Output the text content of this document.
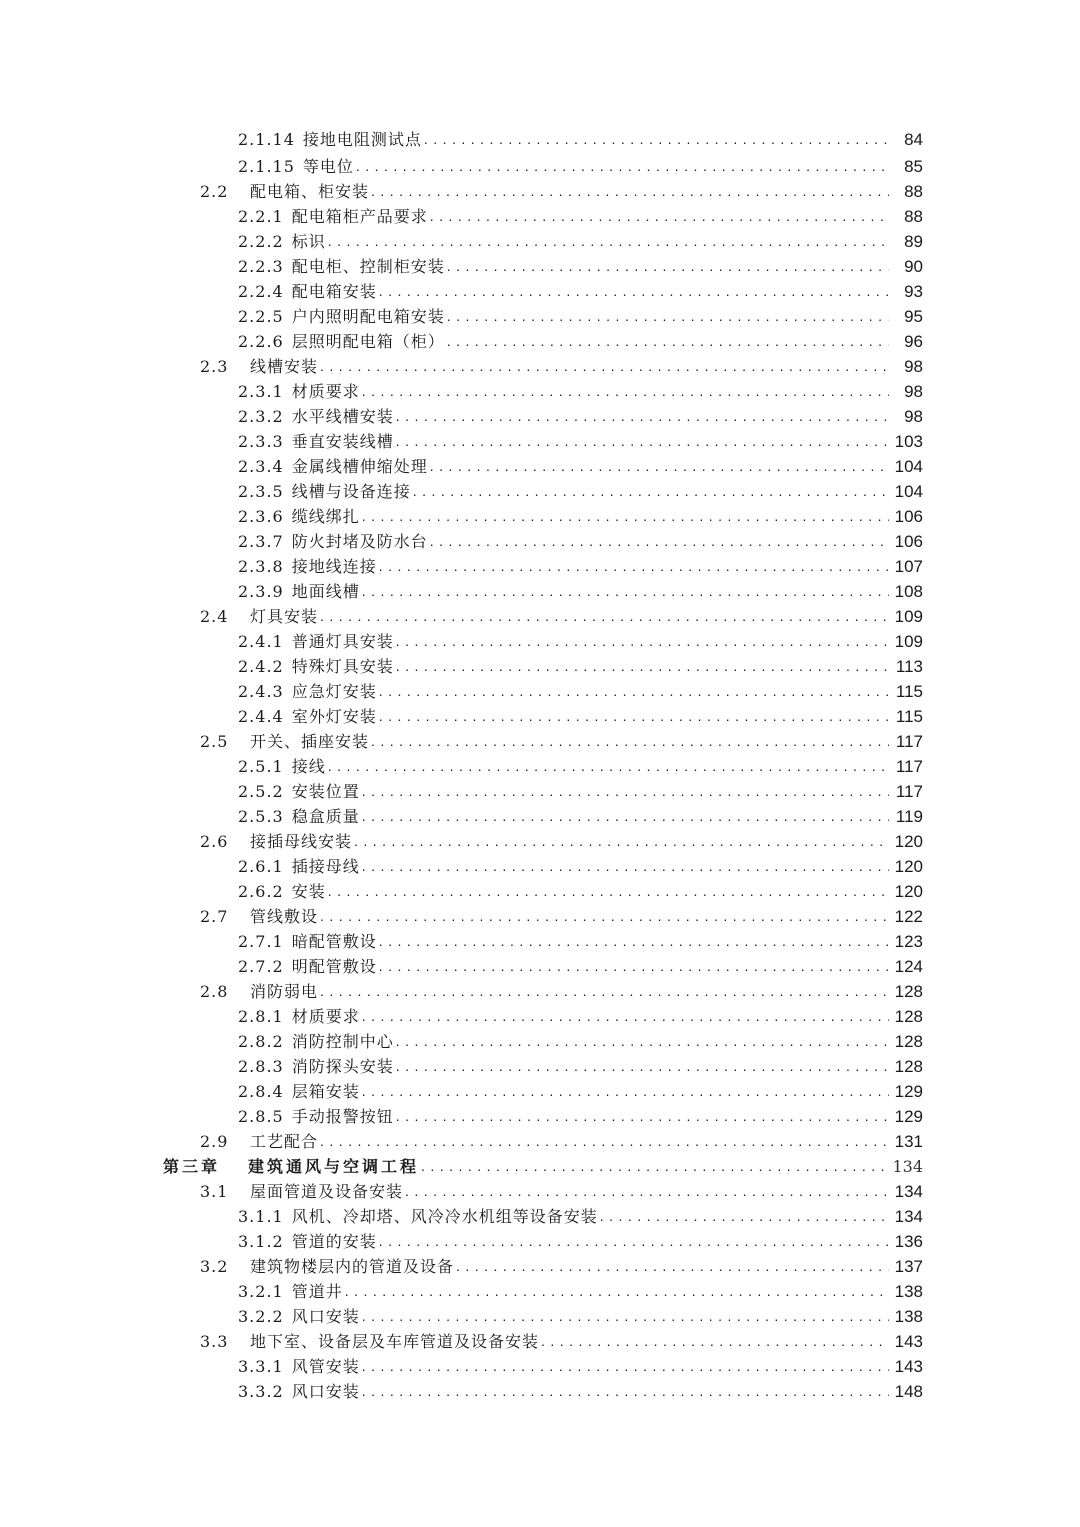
2.1.14 接地电阻测试点 . . .	84
2.1.15 等电位 . . .	85
2.2	配电箱、柜安装 . . .	88
2.2.1 配电箱柜产品要求 . . .	88
2.2.2 标识 . . .	89
2.2.3 配电柜、控制柜安装 . . .	90
2.2.4 配电箱安装 . . .	93
2.2.5 户内照明配电箱安装 . . .	95
2.2.6 层照明配电箱（柜） . . .	96
2.3	线槽安装 . . .	98
2.3.1 材质要求 . . .	98
2.3.2 水平线槽安装 . . .	98
2.3.3 垂直安装线槽 . . .	103
2.3.4 金属线槽伸缩处理 . . .	104
2.3.5 线槽与设备连接 . . .	104
2.3.6 缆线绑扎 . . .	106
2.3.7 防火封堵及防水台 . . .	106
2.3.8 接地线连接 . . .	107
2.3.9 地面线槽 . . .	108
2.4	灯具安装 . . .	109
2.4.1 普通灯具安装 . . .	109
2.4.2 特殊灯具安装 . . .	113
2.4.3 应急灯安装 . . .	115
2.4.4 室外灯安装 . . .	115
2.5	开关、插座安装 . . .	117
2.5.1 接线 . . .	117
2.5.2 安装位置 . . .	117
2.5.3 稳盒质量 . . .	119
2.6	接插母线安装 . . .	120
2.6.1 插接母线 . . .	120
2.6.2 安装 . . .	120
2.7	管线敷设 . . .	122
2.7.1 暗配管敷设 . . .	123
2.7.2 明配管敷设 . . .	124
2.8	消防弱电 . . .	128
2.8.1 材质要求 . . .	128
2.8.2 消防控制中心 . . .	128
2.8.3 消防探头安装 . . .	128
2.8.4 层箱安装 . . .	129
2.8.5 手动报警按钮 . . .	129
2.9	工艺配合 . . .	131
第三章	建筑通风与空调工程 . . .	134
3.1	屋面管道及设备安装 . . .	134
3.1.1 风机、冷却塔、风冷冷水机组等设备安装 . . .	134
3.1.2 管道的安装 . . .	136
3.2	建筑物楼层内的管道及设备 . . .	137
3.2.1 管道井 . . .	138
3.2.2 风口安装 . . .	138
3.3	地下室、设备层及车库管道及设备安装 . . .	143
3.3.1 风管安装 . . .	143
3.3.2 风口安装 . . .	148
